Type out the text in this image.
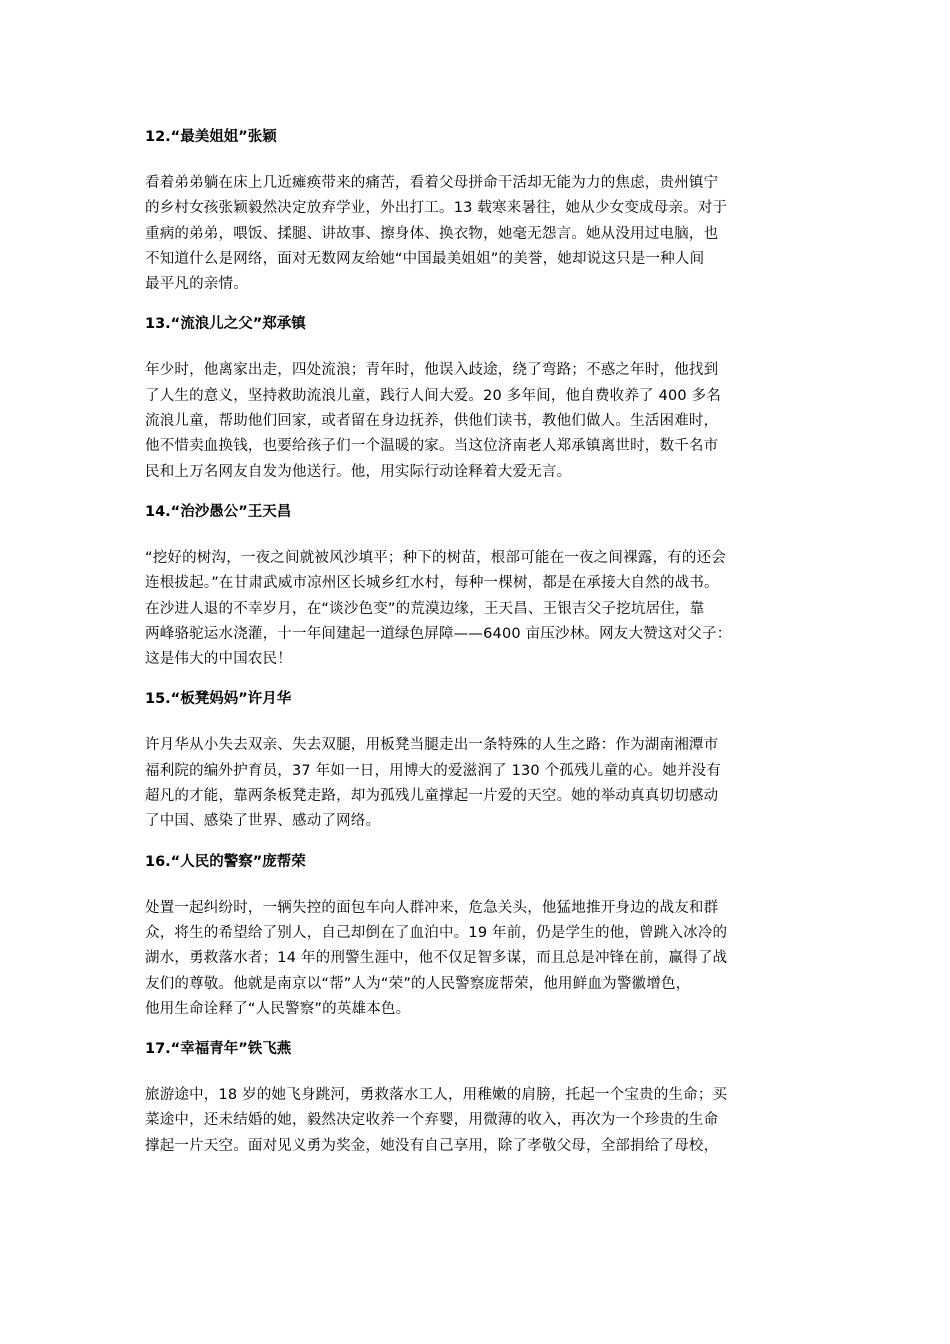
12.“最美姐姐”张颖
看着弟弟躺在床上几近瘫痪带来的痛苦，看着父母拼命干活却无能为力的焦虑，贵州镇宁
的乡村女孩张颖毅然决定放弃学业，外出打工。13 载寒来暑往，她从少女变成母亲。对于
重病的弟弟，喂饭、揉腿、讲故事、擦身体、换衣物，她毫无怨言。她从没用过电脑，也
不知道什么是网络，面对无数网友给她“中国最美姐姐”的美誉，她却说这只是一种人间
最平凡的亲情。
13.“流浪儿之父”郑承镇
年少时，他离家出走，四处流浪；青年时，他误入歧途，绕了弯路；不惑之年时，他找到
了人生的意义，坚持救助流浪儿童，践行人间大爱。20 多年间，他自费收养了 400 多名
流浪儿童，帮助他们回家，或者留在身边抚养，供他们读书，教他们做人。生活困难时，
他不惜卖血换钱，也要给孩子们一个温暖的家。当这位济南老人郑承镇离世时，数千名市
民和上万名网友自发为他送行。他，用实际行动诠释着大爱无言。
14.“治沙愚公”王天昌
“挖好的树沟，一夜之间就被风沙填平；种下的树苗，根部可能在一夜之间裸露，有的还会
连根拔起。”在甘肃武威市凉州区长城乡红水村，每种一棵树，都是在承接大自然的战书。
在沙进人退的不幸岁月，在“谈沙色变”的荒漠边缘，王天昌、王银吉父子挖坑居住，靠
两峰骆驼运水浇灌，十一年间建起一道绿色屏障——6400 亩压沙林。网友大赞这对父子：
这是伟大的中国农民！
15.“板凳妈妈”许月华
许月华从小失去双亲、失去双腿，用板凳当腿走出一条特殊的人生之路：作为湖南湘潭市
福利院的编外护育员，37 年如一日，用博大的爱滋润了 130 个孤残儿童的心。她并没有
超凡的才能，靠两条板凳走路，却为孤残儿童撑起一片爱的天空。她的举动真真切切感动
了中国、感染了世界、感动了网络。
16.“人民的警察”庞帮荣
处置一起纠纷时，一辆失控的面包车向人群冲来，危急关头，他猛地推开身边的战友和群
众，将生的希望给了别人，自己却倒在了血泊中。19 年前，仍是学生的他，曾跳入冰冷的
湖水，勇救落水者；14 年的刑警生涯中，他不仅足智多谋，而且总是冲锋在前，赢得了战
友们的尊敬。他就是南京以“帮”人为“荣”的人民警察庞帮荣，他用鲜血为警徽增色，
他用生命诠释了“人民警察”的英雄本色。
17.“幸福青年”铁飞燕
旅游途中，18 岁的她飞身跳河，勇救落水工人，用稚嫩的肩膀，托起一个宝贵的生命；买
菜途中，还未结婚的她，毅然决定收养一个弃婴，用微薄的收入，再次为一个珍贵的生命
撑起一片天空。面对见义勇为奖金，她没有自己享用，除了孝敬父母，全部捐给了母校，
